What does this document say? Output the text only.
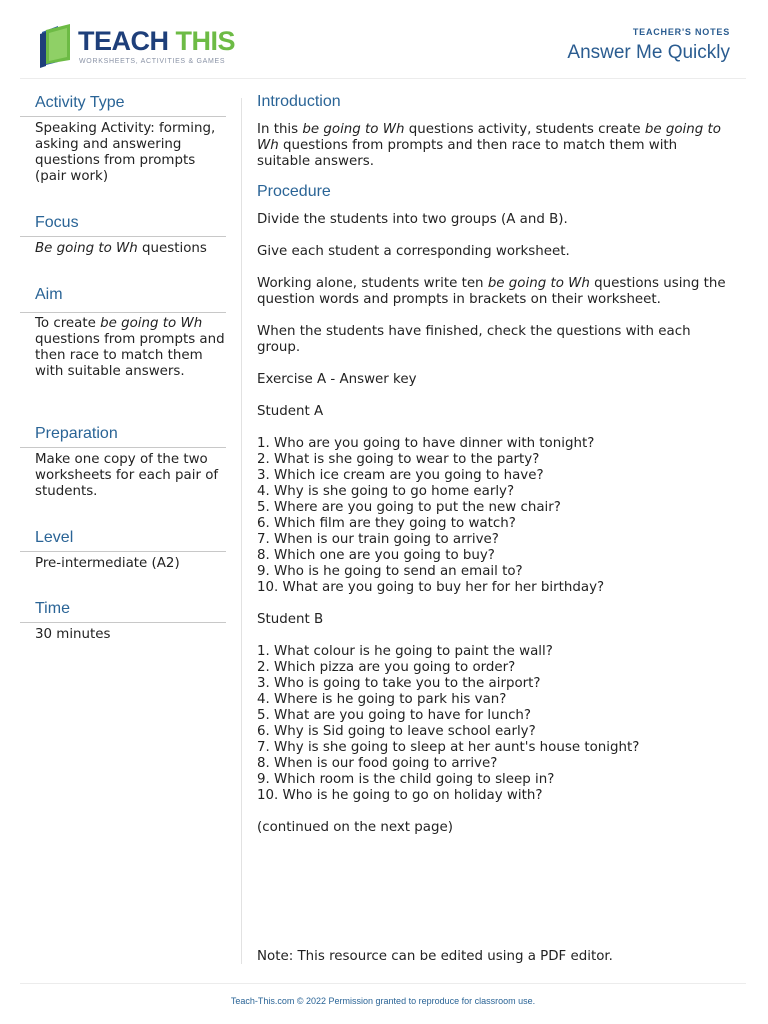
TEACH THIS
WORKSHEETS, ACTIVITIES & GAMES
TEACHER'S NOTES
Answer Me Quickly
Activity Type
Speaking Activity: forming, asking and answering questions from prompts (pair work)
Focus
Be going to Wh questions
Aim
To create be going to Wh questions from prompts and then race to match them with suitable answers.
Preparation
Make one copy of the two worksheets for each pair of students.
Level
Pre-intermediate (A2)
Time
30 minutes
Introduction

In this be going to Wh questions activity, students create be going to Wh questions from prompts and then race to match them with suitable answers.

Procedure

Divide the students into two groups (A and B).

Give each student a corresponding worksheet.

Working alone, students write ten be going to Wh questions using the question words and prompts in brackets on their worksheet.

When the students have finished, check the questions with each group.

Exercise A - Answer key

Student A

1. Who are you going to have dinner with tonight?
2. What is she going to wear to the party?
3. Which ice cream are you going to have?
4. Why is she going to go home early?
5. Where are you going to put the new chair?
6. Which film are they going to watch?
7. When is our train going to arrive?
8. Which one are you going to buy?
9. Who is he going to send an email to?
10. What are you going to buy her for her birthday?

Student B

1. What colour is he going to paint the wall?
2. Which pizza are you going to order?
3. Who is going to take you to the airport?
4. Where is he going to park his van?
5. What are you going to have for lunch?
6. Why is Sid going to leave school early?
7. Why is she going to sleep at her aunt's house tonight?
8. When is our food going to arrive?
9. Which room is the child going to sleep in?
10. Who is he going to go on holiday with?

(continued on the next page)

Note: This resource can be edited using a PDF editor.
Teach-This.com © 2022 Permission granted to reproduce for classroom use.
